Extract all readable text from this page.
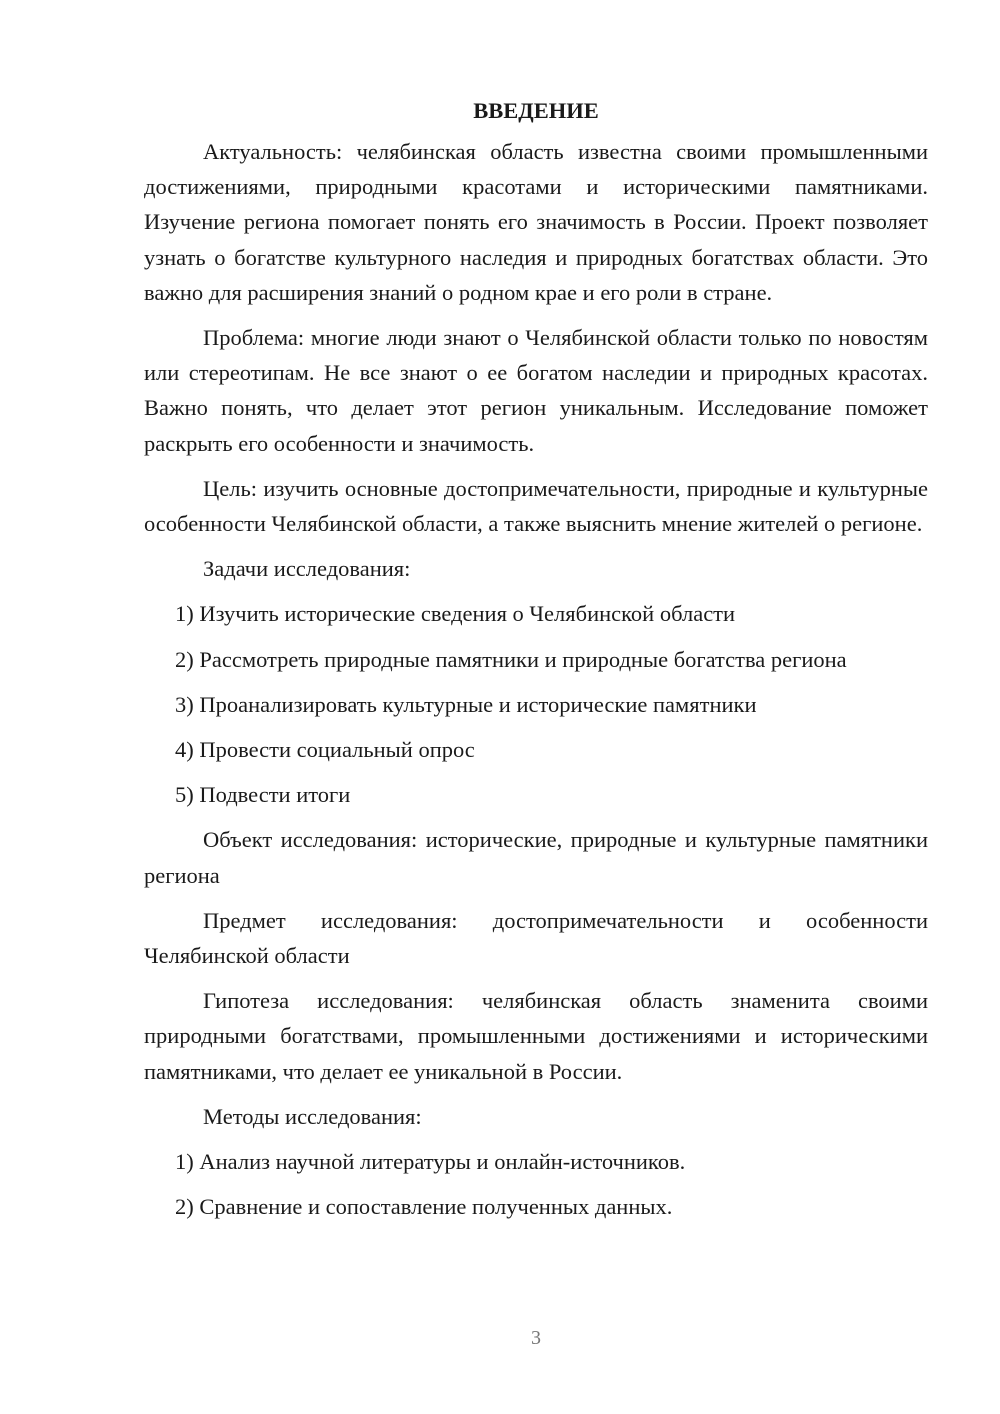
ВВЕДЕНИЕ

Актуальность: челябинская область известна своими промышленными достижениями, природными красотами и историческими памятниками. Изучение региона помогает понять его значимость в России. Проект позволяет узнать о богатстве культурного наследия и природных богатствах области. Это важно для расширения знаний о родном крае и его роли в стране.

Проблема: многие люди знают о Челябинской области только по новостям или стереотипам. Не все знают о ее богатом наследии и природных красотах. Важно понять, что делает этот регион уникальным. Исследование поможет раскрыть его особенности и значимость.

Цель: изучить основные достопримечательности, природные и культурные особенности Челябинской области, а также выяснить мнение жителей о регионе.

Задачи исследования:

1) Изучить исторические сведения о Челябинской области
2) Рассмотреть природные памятники и природные богатства региона
3) Проанализировать культурные и исторические памятники
4) Провести социальный опрос
5) Подвести итоги

Объект исследования: исторические, природные и культурные памятники региона

Предмет исследования: достопримечательности и особенности Челябинской области

Гипотеза исследования: челябинская область знаменита своими природными богатствами, промышленными достижениями и историческими памятниками, что делает ее уникальной в России.

Методы исследования:

1) Анализ научной литературы и онлайн-источников.
2) Сравнение и сопоставление полученных данных.
3
